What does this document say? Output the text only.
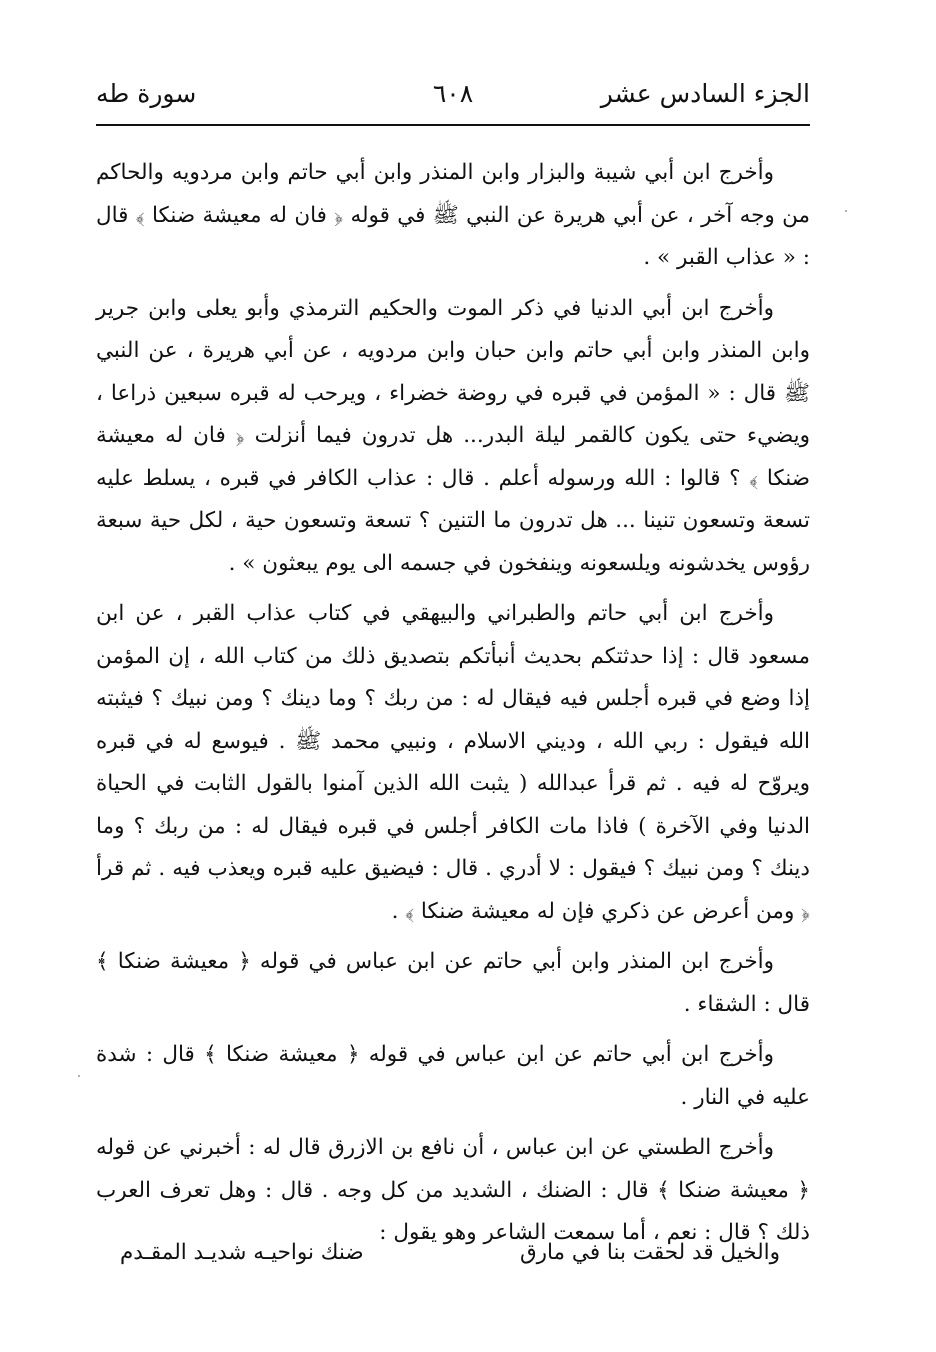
الجزء السادس عشر
٦٠٨
سورة طه

وأخرج ابن أبي شيبة والبزار وابن المنذر وابن أبي حاتم وابن مردويه والحاكم من وجه آخر ، عن أبي هريرة عن النبي ﷺ في قوله ﴿ فان له معيشة ضنكا ﴾ قال : « عذاب القبر » .

وأخرج ابن أبي الدنيا في ذكر الموت والحكيم الترمذي وأبو يعلى وابن جرير وابن المنذر وابن أبي حاتم وابن حبان وابن مردويه ، عن أبي هريرة ، عن النبي ﷺ قال : « المؤمن في قبره في روضة خضراء ، ويرحب له قبره سبعين ذراعا ، ويضيء حتى يكون كالقمر ليلة البدر... هل تدرون فيما أنزلت ﴿ فان له معيشة ضنكا ﴾ ؟ قالوا : الله ورسوله أعلم . قال : عذاب الكافر في قبره ، يسلط عليه تسعة وتسعون تنينا ... هل تدرون ما التنين ؟ تسعة وتسعون حية ، لكل حية سبعة رؤوس يخدشونه ويلسعونه وينفخون في جسمه الى يوم يبعثون » .

وأخرج ابن أبي حاتم والطبراني والبيهقي في كتاب عذاب القبر ، عن ابن مسعود قال : إذا حدثتكم بحديث أنبأتكم بتصديق ذلك من كتاب الله ، إن المؤمن إذا وضع في قبره أجلس فيه فيقال له : من ربك ؟ وما دينك ؟ ومن نبيك ؟ فيثبته الله فيقول : ربي الله ، وديني الاسلام ، ونبيي محمد ﷺ . فيوسع له في قبره ويروّح له فيه . ثم قرأ عبدالله ( يثبت الله الذين آمنوا بالقول الثابت في الحياة الدنيا وفي الآخرة ) فاذا مات الكافر أجلس في قبره فيقال له : من ربك ؟ وما دينك ؟ ومن نبيك ؟ فيقول : لا أدري . قال : فيضيق عليه قبره ويعذب فيه . ثم قرأ ﴿ ومن أعرض عن ذكري فإن له معيشة ضنكا ﴾ .

وأخرج ابن المنذر وابن أبي حاتم عن ابن عباس في قوله ﴿ معيشة ضنكا ﴾ قال : الشقاء .

وأخرج ابن أبي حاتم عن ابن عباس في قوله ﴿ معيشة ضنكا ﴾ قال : شدة عليه في النار .

وأخرج الطستي عن ابن عباس ، أن نافع بن الازرق قال له : أخبرني عن قوله ﴿ معيشة ضنكا ﴾ قال : الضنك ، الشديد من كل وجه . قال : وهل تعرف العرب ذلك ؟ قال : نعم ، أما سمعت الشاعر وهو يقول :

والخيل قد لحقت بنا في مارق
ضنك نواحيـه شديـد المقـدم
